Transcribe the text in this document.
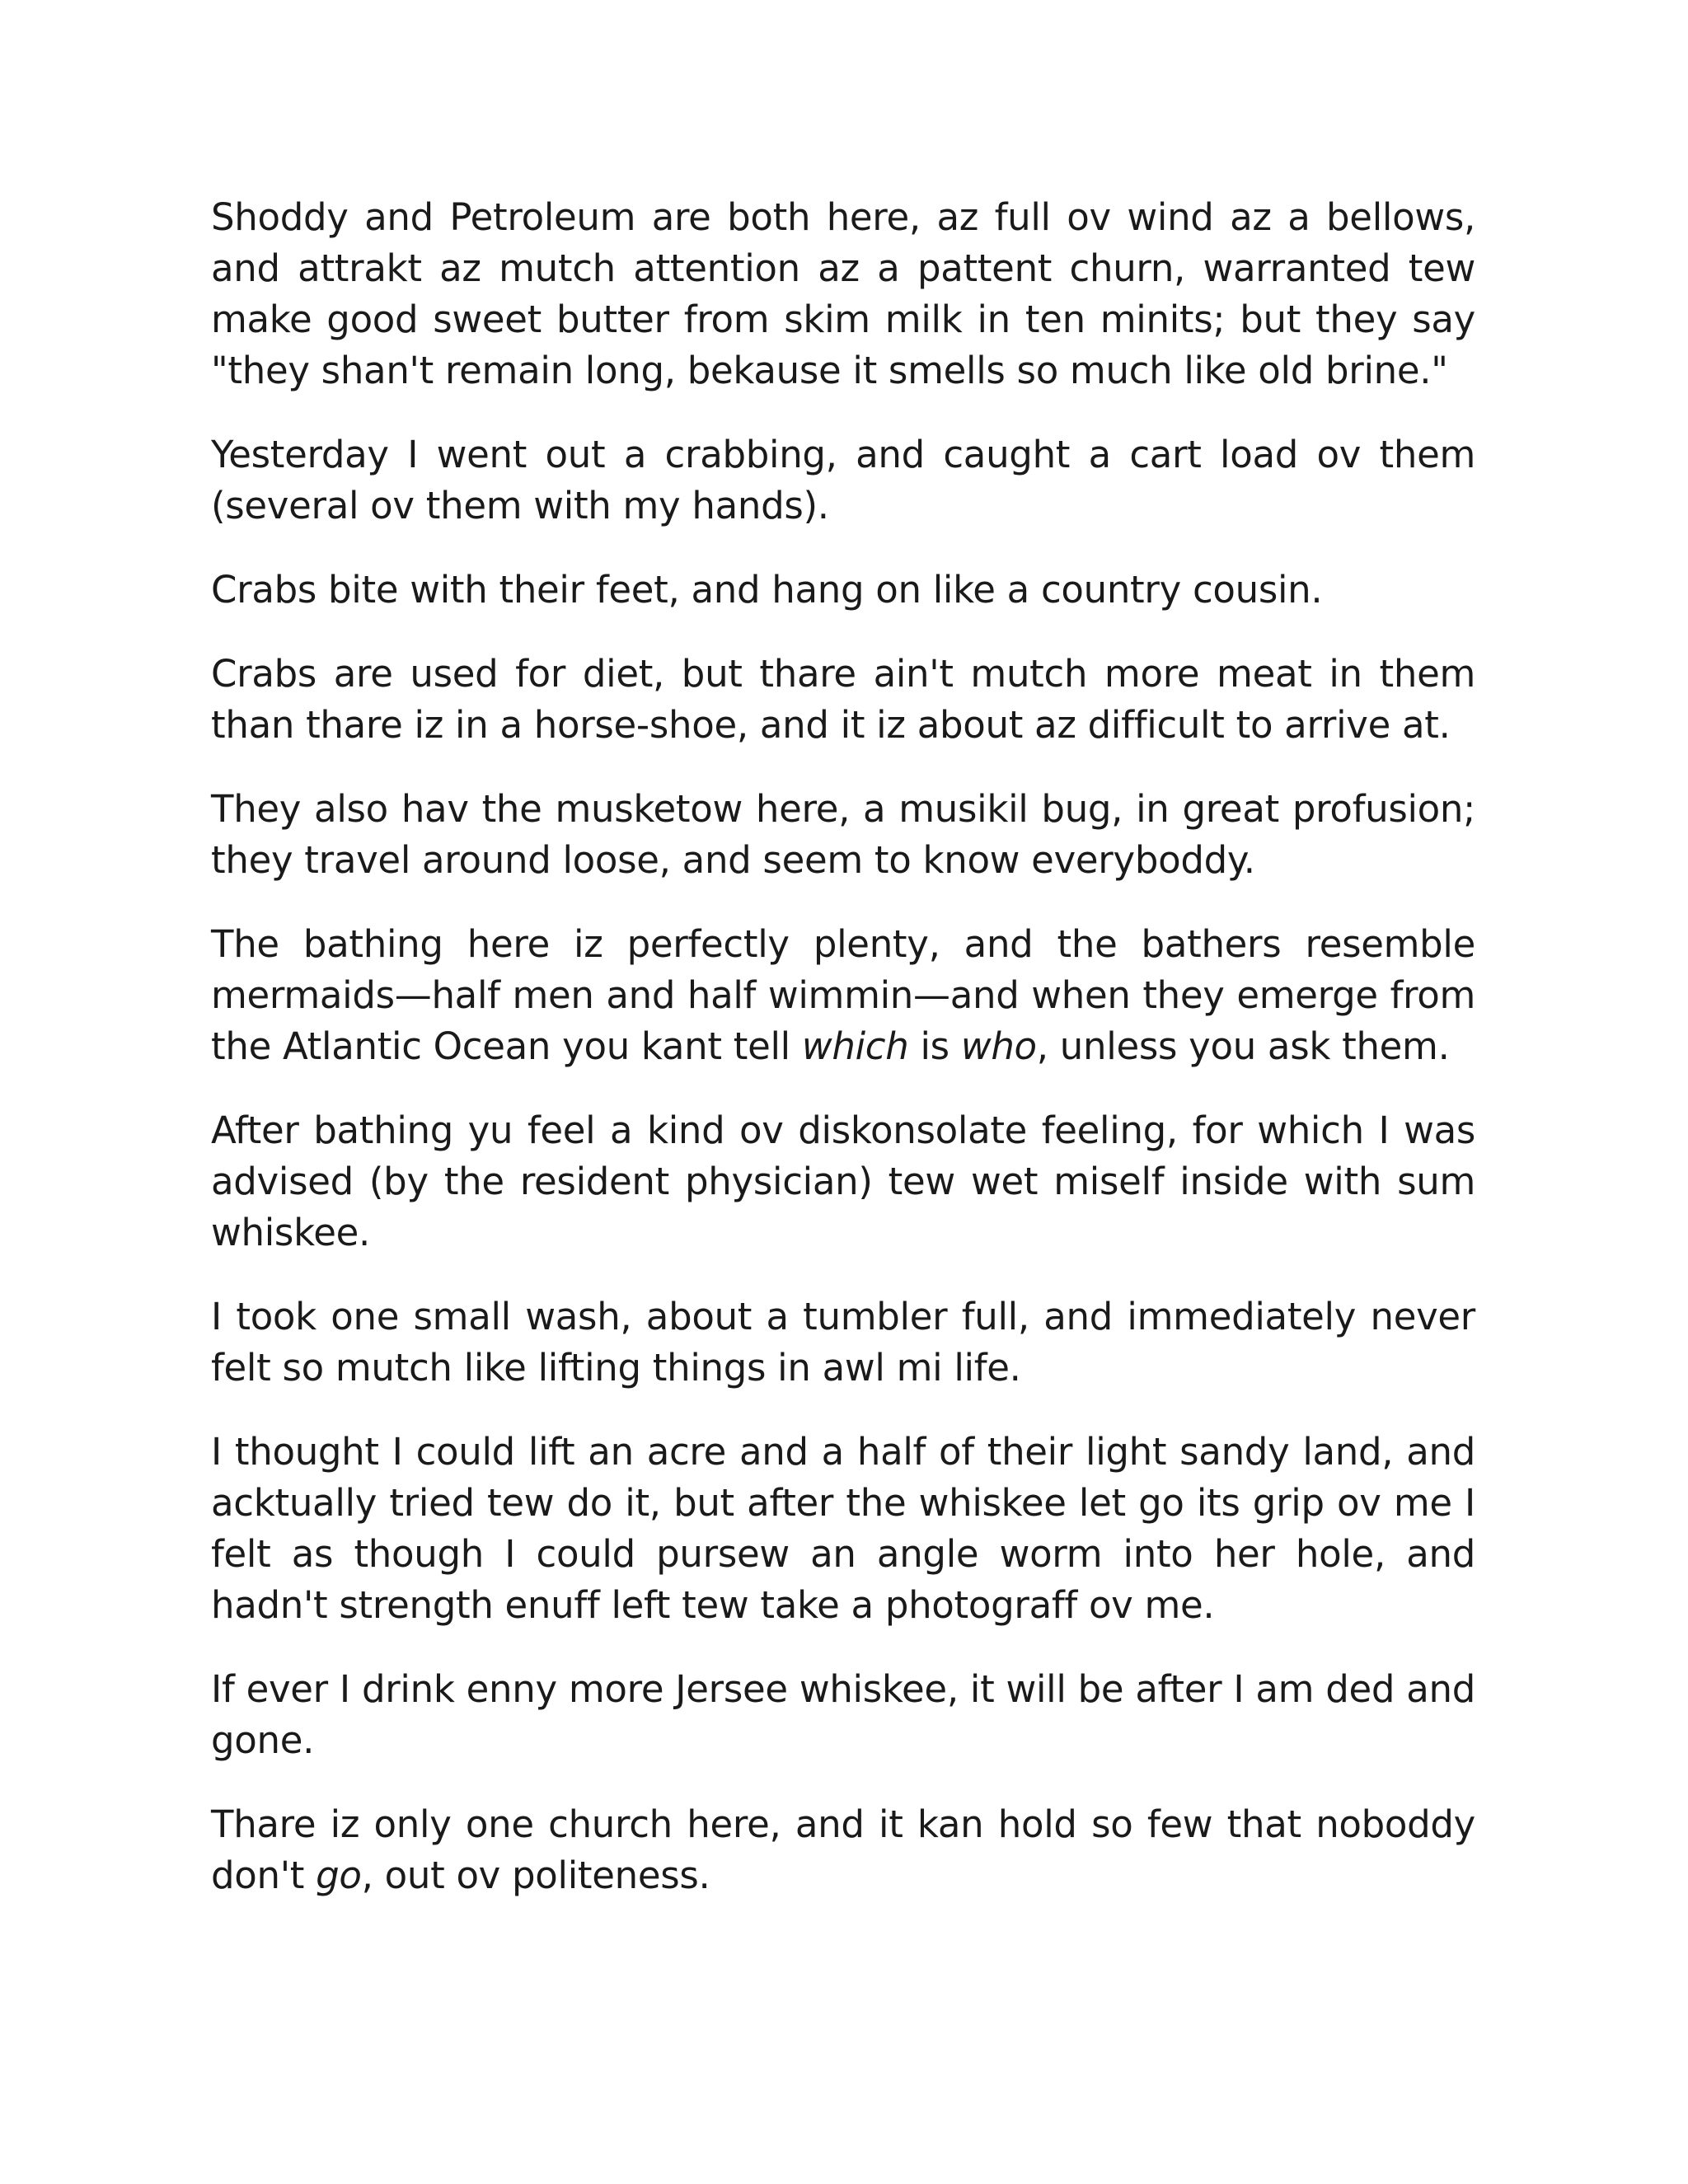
Shoddy and Petroleum are both here, az full ov wind az a bellows, and attrakt az mutch attention az a pattent churn, warranted tew make good sweet butter from skim milk in ten minits; but they say "they shan't remain long, bekause it smells so much like old brine."

Yesterday I went out a crabbing, and caught a cart load ov them (several ov them with my hands).

Crabs bite with their feet, and hang on like a country cousin.

Crabs are used for diet, but thare ain't mutch more meat in them than thare iz in a horse-shoe, and it iz about az difficult to arrive at.

They also hav the musketow here, a musikil bug, in great profusion; they travel around loose, and seem to know everyboddy.

The bathing here iz perfectly plenty, and the bathers resemble mermaids—half men and half wimmin—and when they emerge from the Atlantic Ocean you kant tell which is who, unless you ask them.

After bathing yu feel a kind ov diskonsolate feeling, for which I was advised (by the resident physician) tew wet miself inside with sum whiskee.

I took one small wash, about a tumbler full, and immediately never felt so mutch like lifting things in awl mi life.

I thought I could lift an acre and a half of their light sandy land, and acktually tried tew do it, but after the whiskee let go its grip ov me I felt as though I could pursew an angle worm into her hole, and hadn't strength enuff left tew take a photograff ov me.

If ever I drink enny more Jersee whiskee, it will be after I am ded and gone.

Thare iz only one church here, and it kan hold so few that noboddy don't go, out ov politeness.
